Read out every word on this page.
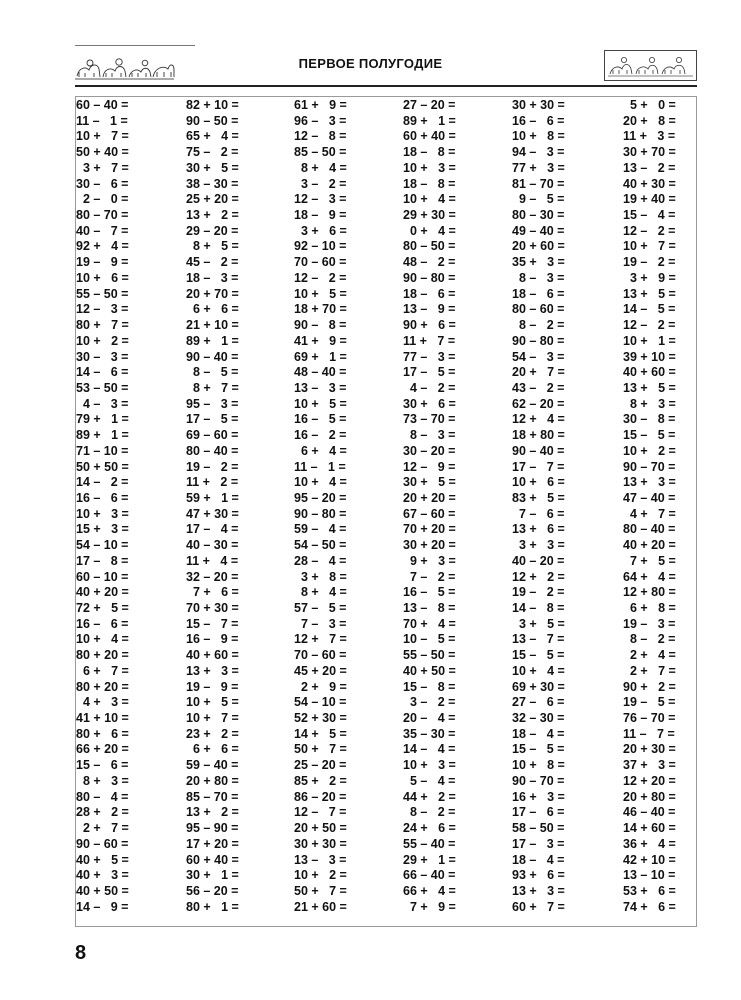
ПЕРВОЕ ПОЛУГОДИЕ
60 – 40 =	82 + 10 =	61 +   9 =	27 – 20 =	30 + 30 =	5 +   0 =
11 –   1 =	90 – 50 =	96 –   3 =	89 +   1 =	16 –   6 =	20 +   8 =
10 +   7 =	65 +   4 =	12 –   8 =	60 + 40 =	10 +   8 =	11 +   3 =
50 + 40 =	75 –   2 =	85 – 50 =	18 –   8 =	94 –   3 =	30 + 70 =
3 +   7 =	30 +   5 =	8 +   4 =	10 +   3 =	77 +   3 =	13 –   2 =
30 –   6 =	38 – 30 =	3 –   2 =	18 –   8 =	81 – 70 =	40 + 30 =
2 –   0 =	25 + 20 =	12 –   3 =	10 +   4 =	9 –   5 =	19 + 40 =
80 – 70 =	13 +   2 =	18 –   9 =	29 + 30 =	80 – 30 =	15 –   4 =
40 –   7 =	29 – 20 =	3 +   6 =	0 +   4 =	49 – 40 =	12 –   2 =
92 +   4 =	8 +   5 =	92 – 10 =	80 – 50 =	20 + 60 =	10 +   7 =
19 –   9 =	45 –   2 =	70 – 60 =	48 –   2 =	35 +   3 =	19 –   2 =
10 +   6 =	18 –   3 =	12 –   2 =	90 – 80 =	8 –   3 =	3 +   9 =
55 – 50 =	20 + 70 =	10 +   5 =	18 –   6 =	18 –   6 =	13 +   5 =
12 –   3 =	6 +   6 =	18 + 70 =	13 –   9 =	80 – 60 =	14 –   5 =
80 +   7 =	21 + 10 =	90 –   8 =	90 +   6 =	8 –   2 =	12 –   2 =
10 +   2 =	89 +   1 =	41 +   9 =	11 +   7 =	90 – 80 =	10 +   1 =
30 –   3 =	90 – 40 =	69 +   1 =	77 –   3 =	54 –   3 =	39 + 10 =
14 –   6 =	8 –   5 =	48 – 40 =	17 –   5 =	20 +   7 =	40 + 60 =
53 – 50 =	8 +   7 =	13 –   3 =	4 –   2 =	43 –   2 =	13 +   5 =
4 –   3 =	95 –   3 =	10 +   5 =	30 +   6 =	62 – 20 =	8 +   3 =
79 +   1 =	17 –   5 =	16 –   5 =	73 – 70 =	12 +   4 =	30 –   8 =
89 +   1 =	69 – 60 =	16 –   2 =	8 –   3 =	18 + 80 =	15 –   5 =
71 – 10 =	80 – 40 =	6 +   4 =	30 – 20 =	90 – 40 =	10 +   2 =
50 + 50 =	19 –   2 =	11 –   1 =	12 –   9 =	17 –   7 =	90 – 70 =
14 –   2 =	11 +   2 =	10 +   4 =	30 +   5 =	10 +   6 =	13 +   3 =
16 –   6 =	59 +   1 =	95 – 20 =	20 + 20 =	83 +   5 =	47 – 40 =
10 +   3 =	47 + 30 =	90 – 80 =	67 – 60 =	7 –   6 =	4 +   7 =
15 +   3 =	17 –   4 =	59 –   4 =	70 + 20 =	13 +   6 =	80 – 40 =
54 – 10 =	40 – 30 =	54 – 50 =	30 + 20 =	3 +   3 =	40 + 20 =
17 –   8 =	11 +   4 =	28 –   4 =	9 +   3 =	40 – 20 =	7 +   5 =
60 – 10 =	32 – 20 =	3 +   8 =	7 –   2 =	12 +   2 =	64 +   4 =
40 + 20 =	7 +   6 =	8 +   4 =	16 –   5 =	19 –   2 =	12 + 80 =
72 +   5 =	70 + 30 =	57 –   5 =	13 –   8 =	14 –   8 =	6 +   8 =
16 –   6 =	15 –   7 =	7 –   3 =	70 +   4 =	3 +   5 =	19 –   3 =
10 +   4 =	16 –   9 =	12 +   7 =	10 –   5 =	13 –   7 =	8 –   2 =
80 + 20 =	40 + 60 =	70 – 60 =	55 – 50 =	15 –   5 =	2 +   4 =
6 +   7 =	13 +   3 =	45 + 20 =	40 + 50 =	10 +   4 =	2 +   7 =
80 + 20 =	19 –   9 =	2 +   9 =	15 –   8 =	69 + 30 =	90 +   2 =
4 +   3 =	10 +   5 =	54 – 10 =	3 –   2 =	27 –   6 =	19 –   5 =
41 + 10 =	10 +   7 =	52 + 30 =	20 –   4 =	32 – 30 =	76 – 70 =
80 +   6 =	23 +   2 =	14 +   5 =	35 – 30 =	18 –   4 =	11 –   7 =
66 + 20 =	6 +   6 =	50 +   7 =	14 –   4 =	15 –   5 =	20 + 30 =
15 –   6 =	59 – 40 =	25 – 20 =	10 +   3 =	10 +   8 =	37 +   3 =
8 +   3 =	20 + 80 =	85 +   2 =	5 –   4 =	90 – 70 =	12 + 20 =
80 –   4 =	85 – 70 =	86 – 20 =	44 +   2 =	16 +   3 =	20 + 80 =
28 +   2 =	13 +   2 =	12 –   7 =	8 –   2 =	17 –   6 =	46 – 40 =
2 +   7 =	95 – 90 =	20 + 50 =	24 +   6 =	58 – 50 =	14 + 60 =
90 – 60 =	17 + 20 =	30 + 30 =	55 – 40 =	17 –   3 =	36 +   4 =
40 +   5 =	60 + 40 =	13 –   3 =	29 +   1 =	18 –   4 =	42 + 10 =
40 +   3 =	30 +   1 =	10 +   2 =	66 – 40 =	93 +   6 =	13 – 10 =
40 + 50 =	56 – 20 =	50 +   7 =	66 +   4 =	13 +   3 =	53 +   6 =
14 –   9 =	80 +   1 =	21 + 60 =	7 +   9 =	60 +   7 =	74 +   6 =
8
